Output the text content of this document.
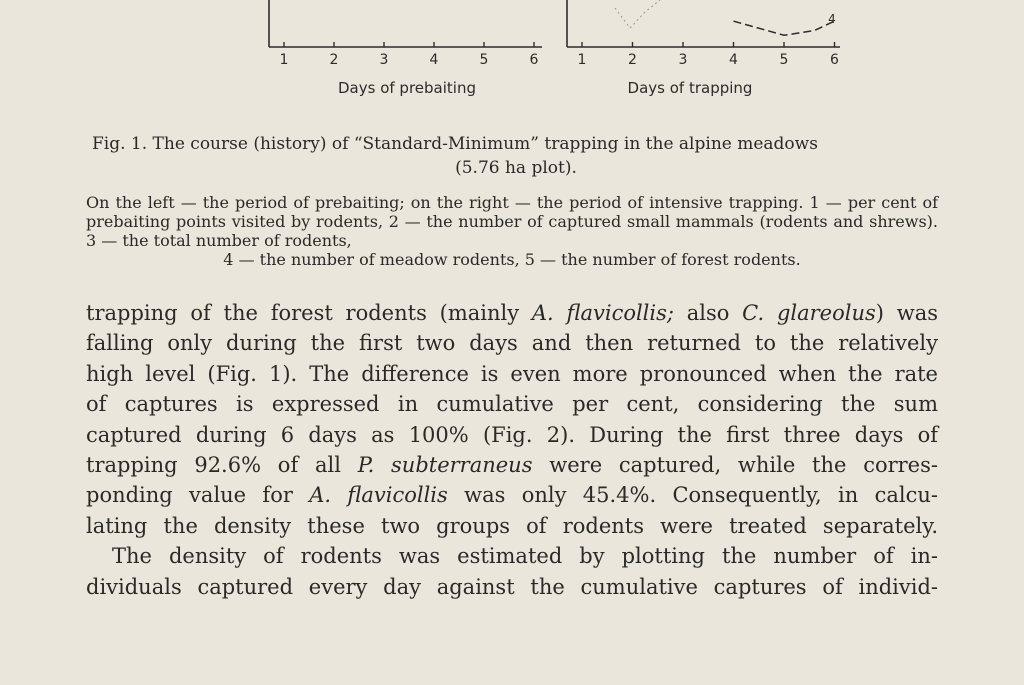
1	2	3	4	5	6
Days of prebaiting
1	2	3	4	5	6
4
Days of trapping
Fig. 1. The course (history) of “Standard-Minimum” trapping in the alpine meadows
(5.76 ha plot).
On the left — the period of prebaiting; on the right — the period of intensive trapping. 1 — per cent of prebaiting points visited by rodents, 2 — the number of captured small mammals (rodents and shrews). 3 — the total number of rodents,
4 — the number of meadow rodents, 5 — the number of forest rodents.

trapping of the forest rodents (mainly A. flavicollis; also C. glareolus) was

falling only during the first two days and then returned to the relatively

high level (Fig. 1). The difference is even more pronounced when the rate

of captures is expressed in cumulative per cent, considering the sum

captured during 6 days as 100% (Fig. 2). During the first three days of

trapping 92.6% of all P. subterraneus were captured, while the corres-

ponding value for A. flavicollis was only 45.4%. Consequently, in calcu-

lating the density these two groups of rodents were treated separately.

The density of rodents was estimated by plotting the number of in-

dividuals captured every day against the cumulative captures of individ-
